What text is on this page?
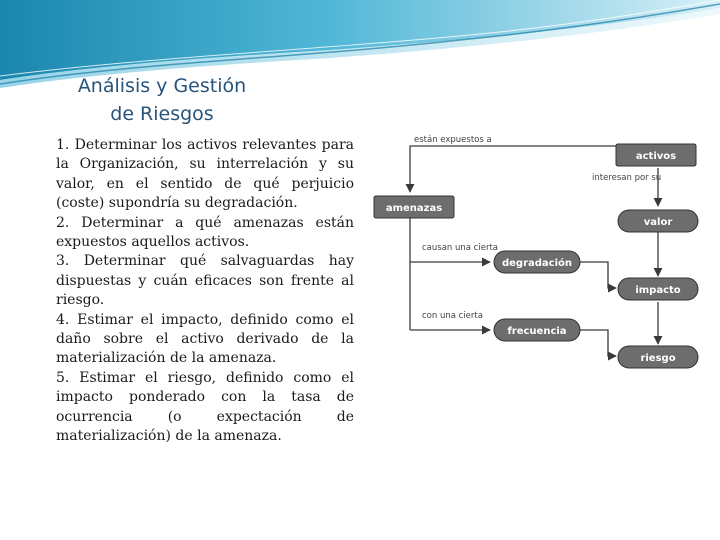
Análisis y Gestión
de Riesgos

1. Determinar los activos relevantes para la Organización, su interrelación y su valor, en el sentido de qué perjuicio (coste) supondría su degradación.

2. Determinar a qué amenazas están expuestos aquellos activos.

3. Determinar qué salvaguardas hay dispuestas y cuán eficaces son frente al riesgo.

4. Estimar el impacto, definido como el daño sobre el activo derivado de la materialización de la amenaza.

5. Estimar el riesgo, definido como el impacto ponderado con la tasa de ocurrencia (o expectación de materialización) de la amenaza.

están expuestos a
interesan por su
causan una cierta
con una cierta
activos
amenazas
valor
degradación
impacto
frecuencia
riesgo
